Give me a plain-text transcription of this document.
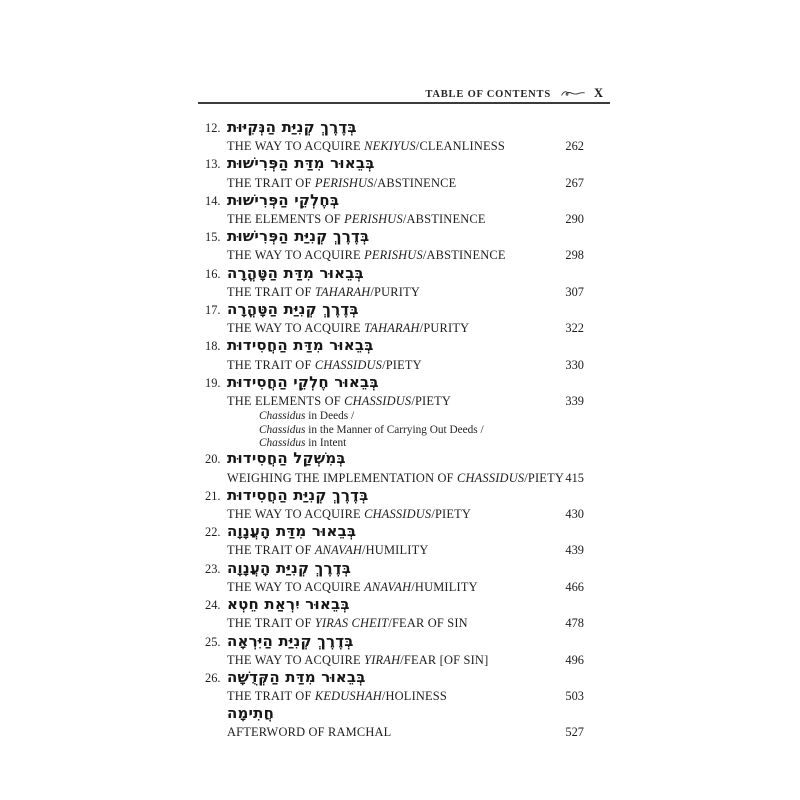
TABLE OF CONTENTS	X
12. בְּדֶרֶךְ קְנִיַּת הַנְּקִיּוּת
THE WAY TO ACQUIRE NEKIYUS/CLEANLINESS	262
13. בְּבֵאוּר מִדַּת הַפְּרִישׁוּת
THE TRAIT OF PERISHUS/ABSTINENCE	267
14. בְּחֶלְקֵי הַפְּרִישׁוּת
THE ELEMENTS OF PERISHUS/ABSTINENCE	290
15. בְּדֶרֶךְ קְנִיַּת הַפְּרִישׁוּת
THE WAY TO ACQUIRE PERISHUS/ABSTINENCE	298
16. בְּבֵאוּר מִדַּת הַטָּהֳרָה
THE TRAIT OF TAHARAH/PURITY	307
17. בְּדֶרֶךְ קְנִיַּת הַטָּהֳרָה
THE WAY TO ACQUIRE TAHARAH/PURITY	322
18. בְּבֵאוּר מִדַּת הַחֲסִידוּת
THE TRAIT OF CHASSIDUS/PIETY	330
19. בְּבֵאוּר חֶלְקֵי הַחֲסִידוּת
THE ELEMENTS OF CHASSIDUS/PIETY	339
Chassidus in Deeds /
Chassidus in the Manner of Carrying Out Deeds /
Chassidus in Intent
20. בְּמִשְׁקַל הַחֲסִידוּת
WEIGHING THE IMPLEMENTATION OF CHASSIDUS/PIETY 415
21. בְּדֶרֶךְ קְנִיַּת הַחֲסִידוּת
THE WAY TO ACQUIRE CHASSIDUS/PIETY	430
22. בְּבֵאוּר מִדַּת הָעֲנָוָה
THE TRAIT OF ANAVAH/HUMILITY	439
23. בְּדֶרֶךְ קְנִיַּת הָעֲנָוָה
THE WAY TO ACQUIRE ANAVAH/HUMILITY	466
24. בְּבֵאוּר יִרְאַת חֵטְא
THE TRAIT OF YIRAS CHEIT/FEAR OF SIN	478
25. בְּדֶרֶךְ קְנִיַּת הַיִּרְאָה
THE WAY TO ACQUIRE YIRAH/FEAR [OF SIN]	496
26. בְּבֵאוּר מִדַּת הַקְּדֻשָּׁה
THE TRAIT OF KEDUSHAH/HOLINESS	503
חֲתִימָה
AFTERWORD OF RAMCHAL	527
